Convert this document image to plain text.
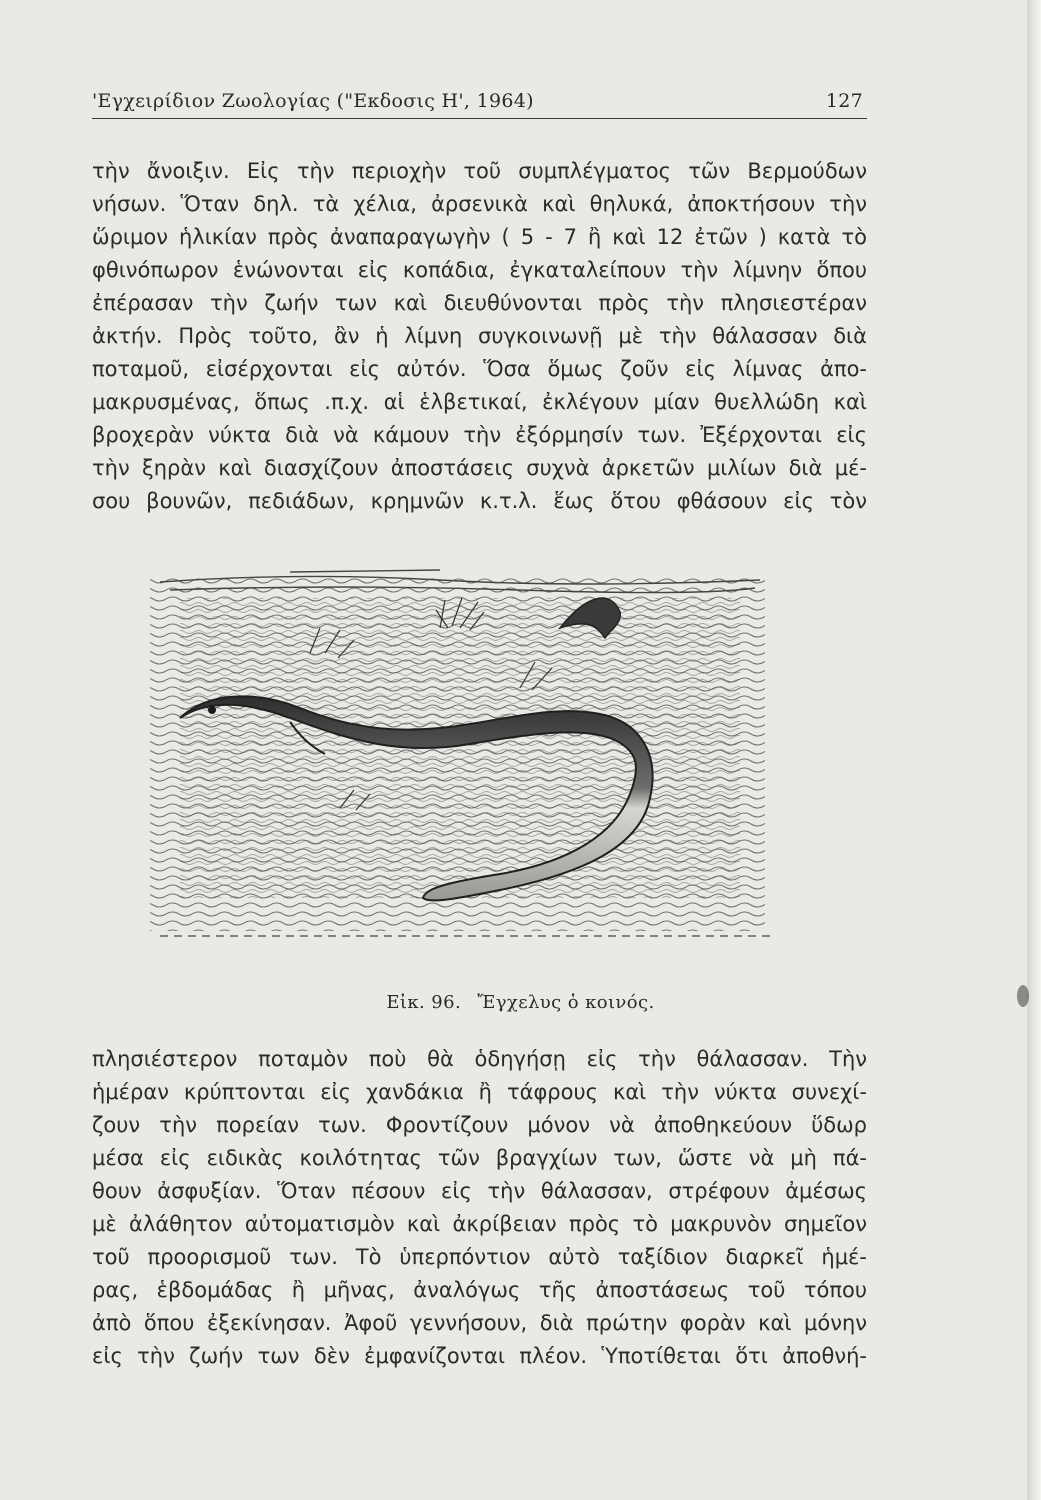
'Εγχειρίδιον Ζωολογίας ("Εκδοσις Η', 1964)	127
τὴν ἄνοιξιν. Εἰς τὴν περιοχὴν τοῦ συμπλέγματος τῶν Βερμούδων
νήσων. Ὅταν δηλ. τὰ χέλια, ἀρσενικὰ καὶ θηλυκά, ἀποκτήσουν τὴν
ὥριμον ἡλικίαν πρὸς ἀναπαραγωγὴν ( 5 - 7 ἢ καὶ 12 ἐτῶν ) κατὰ τὸ
φθινόπωρον ἑνώνονται εἰς κοπάδια, ἐγκαταλείπουν τὴν λίμνην ὅπου
ἐπέρασαν τὴν ζωήν των καὶ διευθύνονται πρὸς τὴν πλησιεστέραν
ἀκτήν. Πρὸς τοῦτο, ἂν ἡ λίμνη συγκοινωνῇ μὲ τὴν θάλασσαν διὰ
ποταμοῦ, εἰσέρχονται εἰς αὐτόν. Ὅσα ὅμως ζοῦν εἰς λίμνας ἀπο-
μακρυσμένας, ὅπως .π.χ. αἱ ἑλβετικαί, ἐκλέγουν μίαν θυελλώδη καὶ
βροχερὰν νύκτα διὰ νὰ κάμουν τὴν ἐξόρμησίν των. Ἐξέρχονται εἰς
τὴν ξηρὰν καὶ διασχίζουν ἀποστάσεις συχνὰ ἀρκετῶν μιλίων διὰ μέ-
σου βουνῶν, πεδιάδων, κρημνῶν κ.τ.λ. ἕως ὅτου φθάσουν εἰς τὸν
Εἰκ. 96. Ἔγχελυς ὁ κοινός.
πλησιέστερον ποταμὸν ποὺ θὰ ὁδηγήσῃ εἰς τὴν θάλασσαν. Τὴν
ἡμέραν κρύπτονται εἰς χανδάκια ἢ τάφρους καὶ τὴν νύκτα συνεχί-
ζουν τὴν πορείαν των. Φροντίζουν μόνον νὰ ἀποθηκεύουν ὕδωρ
μέσα εἰς ειδικὰς κοιλότητας τῶν βραγχίων των, ὥστε νὰ μὴ πά-
θουν ἀσφυξίαν. Ὅταν πέσουν εἰς τὴν θάλασσαν, στρέφουν ἀμέσως
μὲ ἀλάθητον αὐτοματισμὸν καὶ ἀκρίβειαν πρὸς τὸ μακρυνὸν σημεῖον
τοῦ προορισμοῦ των. Τὸ ὑπερπόντιον αὐτὸ ταξίδιον διαρκεῖ ἡμέ-
ρας, ἑβδομάδας ἢ μῆνας, ἀναλόγως τῆς ἀποστάσεως τοῦ τόπου
ἀπὸ ὅπου ἐξεκίνησαν. Ἀφοῦ γεννήσουν, διὰ πρώτην φορὰν καὶ μόνην
εἰς τὴν ζωήν των δὲν ἐμφανίζονται πλέον. Ὑποτίθεται ὅτι ἀποθνή-
